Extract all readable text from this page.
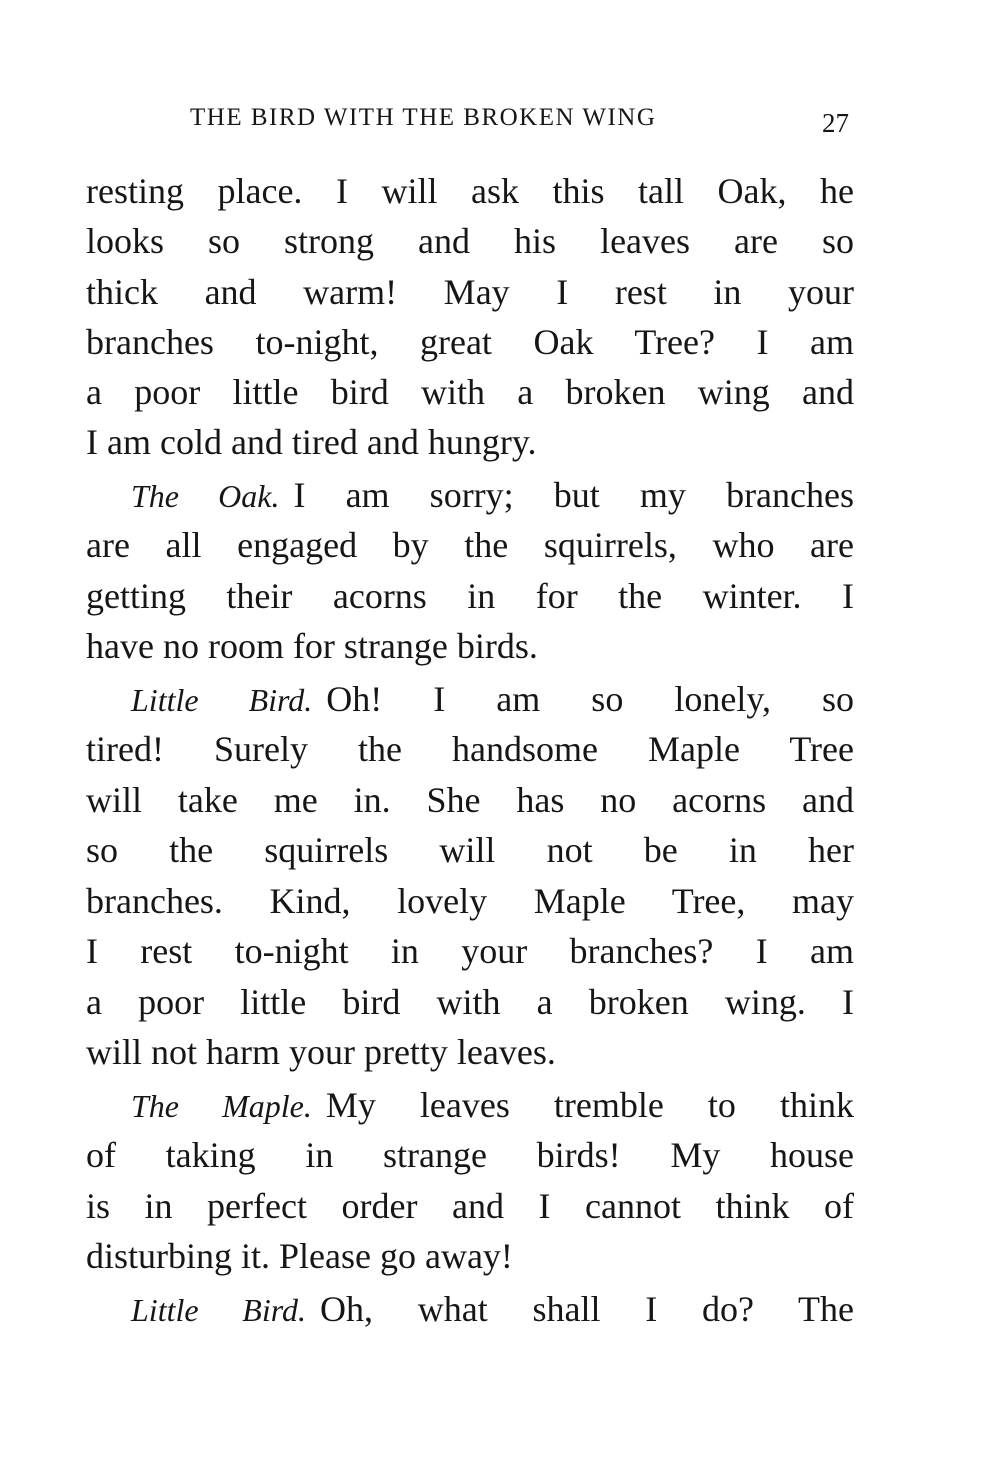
THE BIRD WITH THE BROKEN WING	27
resting place. I will ask this tall Oak, he
looks so strong and his leaves are so
thick and warm! May I rest in your
branches to-night, great Oak Tree? I am
a poor little bird with a broken wing and
I am cold and tired and hungry.
The Oak. I am sorry; but my branches
are all engaged by the squirrels, who are
getting their acorns in for the winter. I
have no room for strange birds.
Little Bird. Oh! I am so lonely, so
tired! Surely the handsome Maple Tree
will take me in. She has no acorns and
so the squirrels will not be in her
branches. Kind, lovely Maple Tree, may
I rest to-night in your branches? I am
a poor little bird with a broken wing. I
will not harm your pretty leaves.
The Maple. My leaves tremble to think
of taking in strange birds! My house
is in perfect order and I cannot think of
disturbing it. Please go away!
Little Bird. Oh, what shall I do? The
